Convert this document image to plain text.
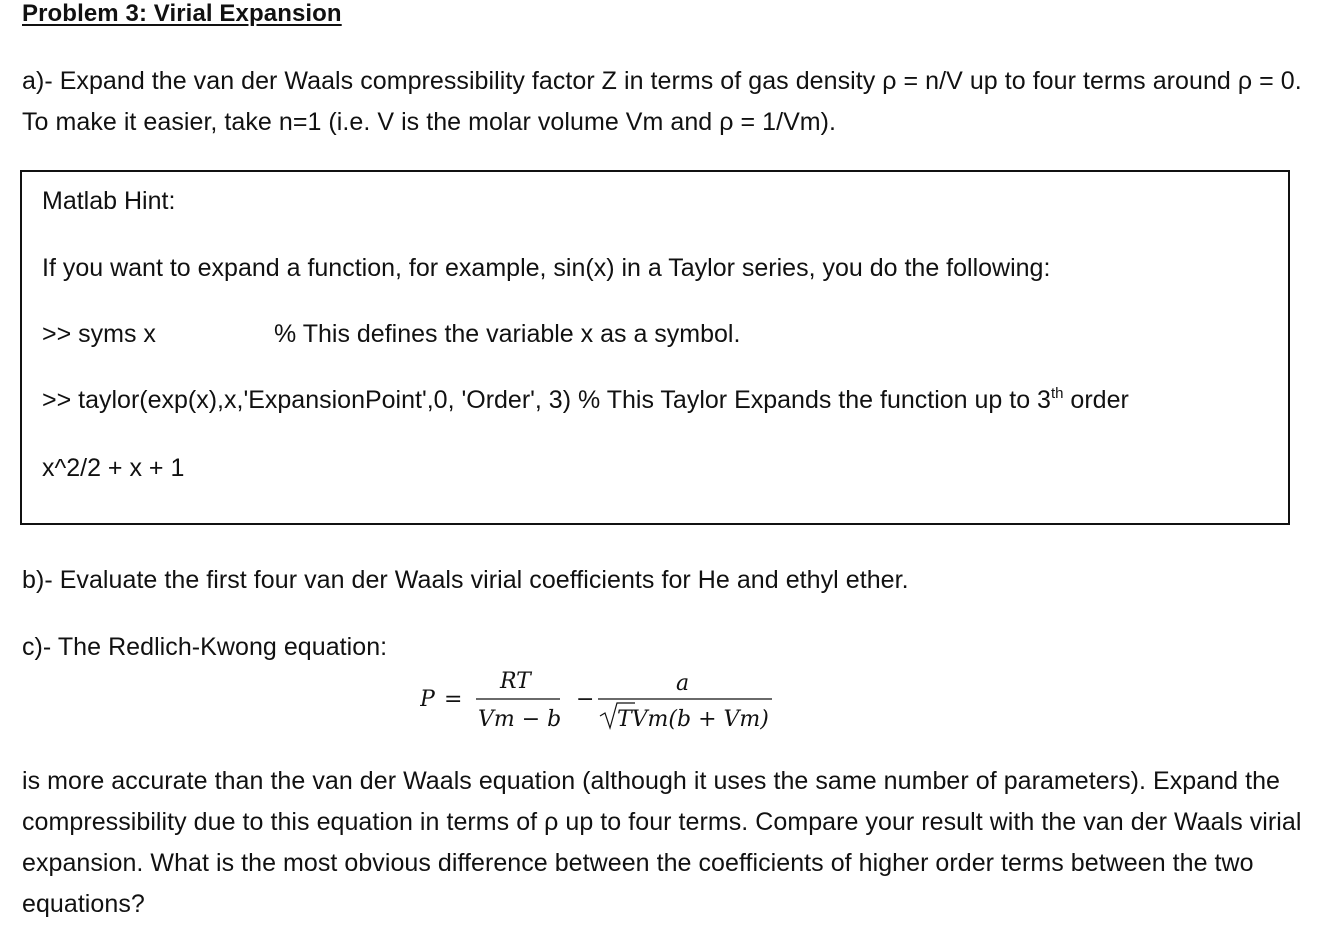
Problem 3: Virial Expansion
a)- Expand the van der Waals compressibility factor Z in terms of gas density ρ = n/V up to four terms around ρ = 0. To make it easier, take n=1 (i.e. V is the molar volume Vm and ρ = 1/Vm).
Matlab Hint:
If you want to expand a function, for example, sin(x) in a Taylor series, you do the following:
>> syms x	% This defines the variable x as a symbol.
>> taylor(exp(x),x,'ExpansionPoint',0, 'Order', 3) % This Taylor Expands the function up to 3th order
x^2/2 + x + 1
b)- Evaluate the first four van der Waals virial coefficients for He and ethyl ether.
c)- The Redlich-Kwong equation:
P =
RT
Vm − b
−
a
TVm(b + Vm)
is more accurate than the van der Waals equation (although it uses the same number of parameters). Expand the compressibility due to this equation in terms of ρ up to four terms. Compare your result with the van der Waals virial expansion. What is the most obvious difference between the coefficients of higher order terms between the two equations?
